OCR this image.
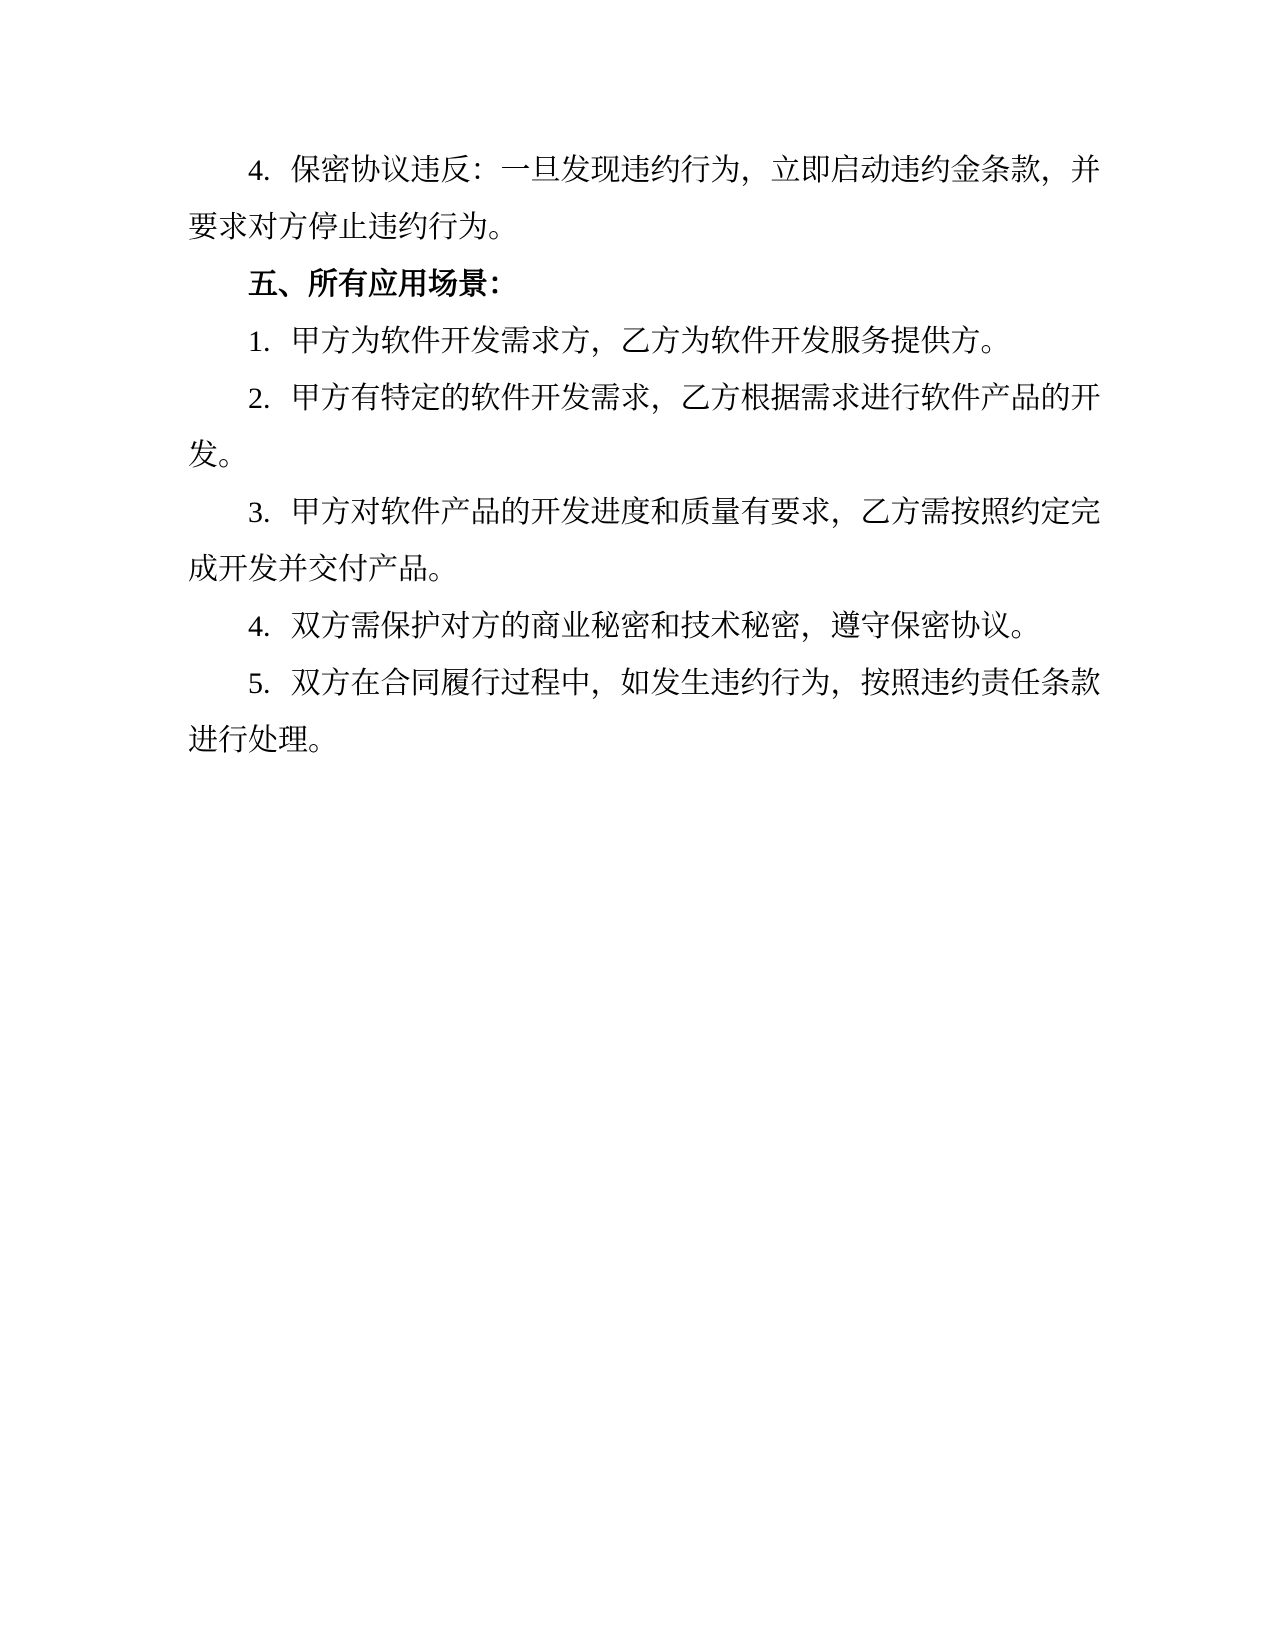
4. 保密协议违反：一旦发现违约行为，立即启动违约金条款，并
要求对方停止违约行为。
五、所有应用场景：
1. 甲方为软件开发需求方，乙方为软件开发服务提供方。
2. 甲方有特定的软件开发需求，乙方根据需求进行软件产品的开
发。
3. 甲方对软件产品的开发进度和质量有要求，乙方需按照约定完
成开发并交付产品。
4. 双方需保护对方的商业秘密和技术秘密，遵守保密协议。
5. 双方在合同履行过程中，如发生违约行为，按照违约责任条款
进行处理。
